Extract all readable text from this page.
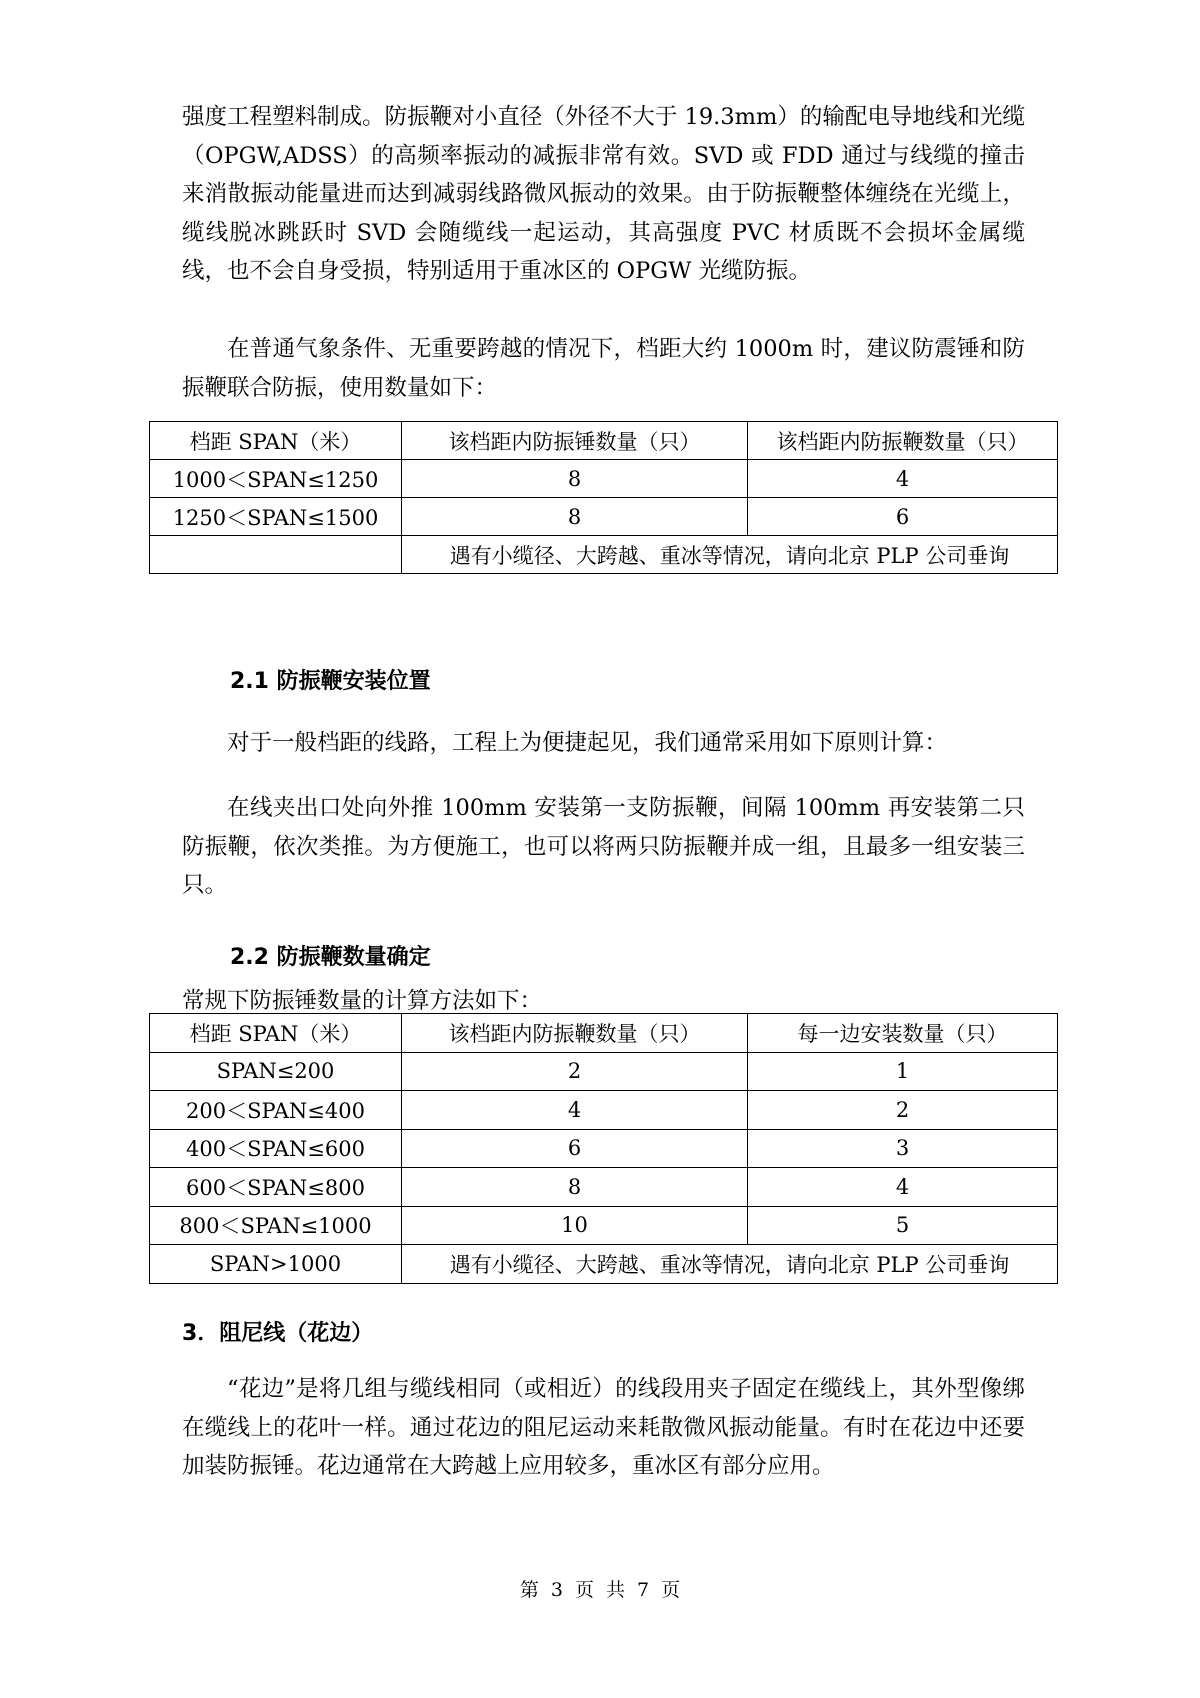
强度工程塑料制成。防振鞭对小直径（外径不大于 19.3mm）的输配电导地线和光缆（OPGW,ADSS）的高频率振动的减振非常有效。SVD 或 FDD 通过与线缆的撞击来消散振动能量进而达到减弱线路微风振动的效果。由于防振鞭整体缠绕在光缆上，缆线脱冰跳跃时 SVD 会随缆线一起运动，其高强度 PVC 材质既不会损坏金属缆线，也不会自身受损，特别适用于重冰区的 OPGW 光缆防振。

在普通气象条件、无重要跨越的情况下，档距大约 1000m 时，建议防震锤和防振鞭联合防振，使用数量如下：

档距 SPAN（米）	该档距内防振锤数量（只）	该档距内防振鞭数量（只）
1000＜SPAN≤1250	8	4
1250＜SPAN≤1500	8	6
	遇有小缆径、大跨越、重冰等情况，请向北京 PLP 公司垂询	
2.1 防振鞭安装位置

对于一般档距的线路，工程上为便捷起见，我们通常采用如下原则计算：

在线夹出口处向外推 100mm 安装第一支防振鞭，间隔 100mm 再安装第二只防振鞭，依次类推。为方便施工，也可以将两只防振鞭并成一组，且最多一组安装三只。

2.2 防振鞭数量确定

常规下防振锤数量的计算方法如下：

档距 SPAN（米）	该档距内防振鞭数量（只）	每一边安装数量（只）
SPAN≤200	2	1
200＜SPAN≤400	4	2
400＜SPAN≤600	6	3
600＜SPAN≤800	8	4
800＜SPAN≤1000	10	5
SPAN>1000	遇有小缆径、大跨越、重冰等情况，请向北京 PLP 公司垂询	
3．阻尼线（花边）

“花边”是将几组与缆线相同（或相近）的线段用夹子固定在缆线上，其外型像绑在缆线上的花叶一样。通过花边的阻尼运动来耗散微风振动能量。有时在花边中还要加装防振锤。花边通常在大跨越上应用较多，重冰区有部分应用。

第 3 页 共 7 页
